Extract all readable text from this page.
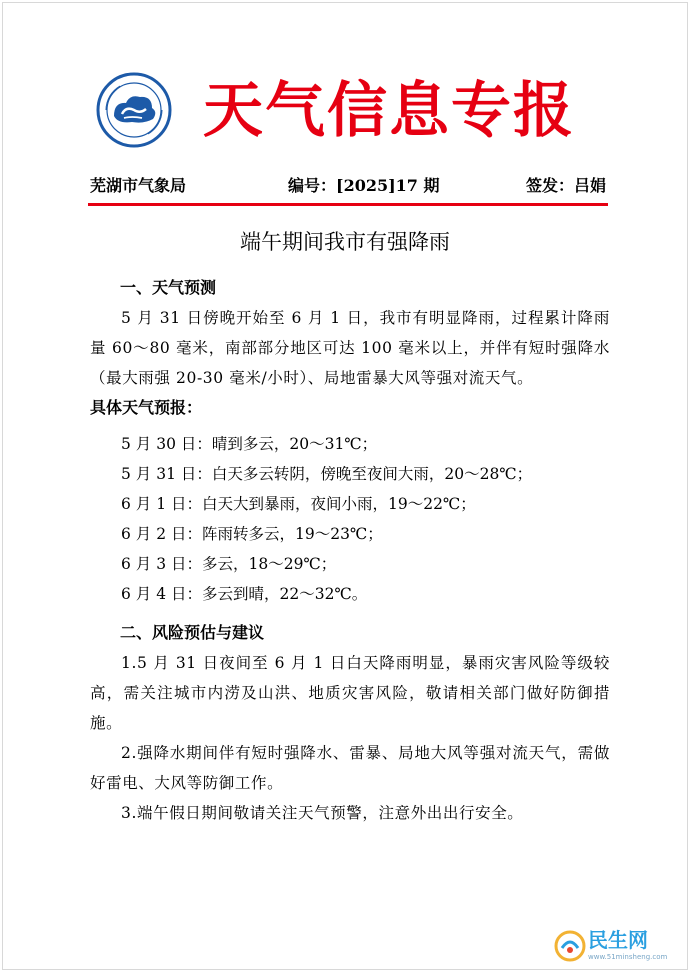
天气信息专报
芜湖市气象局	编号：[2025]17 期	签发：吕娟
端午期间我市有强降雨
一、天气预测
5 月 31 日傍晚开始至 6 月 1 日，我市有明显降雨，过程累计降雨量 60～80 毫米，南部部分地区可达 100 毫米以上，并伴有短时强降水（最大雨强 20-30 毫米/小时）、局地雷暴大风等强对流天气。
具体天气预报：
5 月 30 日：晴到多云，20～31℃；
5 月 31 日：白天多云转阴，傍晚至夜间大雨，20～28℃；
6 月 1 日：白天大到暴雨，夜间小雨，19～22℃；
6 月 2 日：阵雨转多云，19～23℃；
6 月 3 日：多云，18～29℃；
6 月 4 日：多云到晴，22～32℃。
二、风险预估与建议
1.5 月 31 日夜间至 6 月 1 日白天降雨明显，暴雨灾害风险等级较高，需关注城市内涝及山洪、地质灾害风险，敬请相关部门做好防御措施。
2.强降水期间伴有短时强降水、雷暴、局地大风等强对流天气，需做好雷电、大风等防御工作。
3.端午假日期间敬请关注天气预警，注意外出出行安全。
民生网
www.51minsheng.com
